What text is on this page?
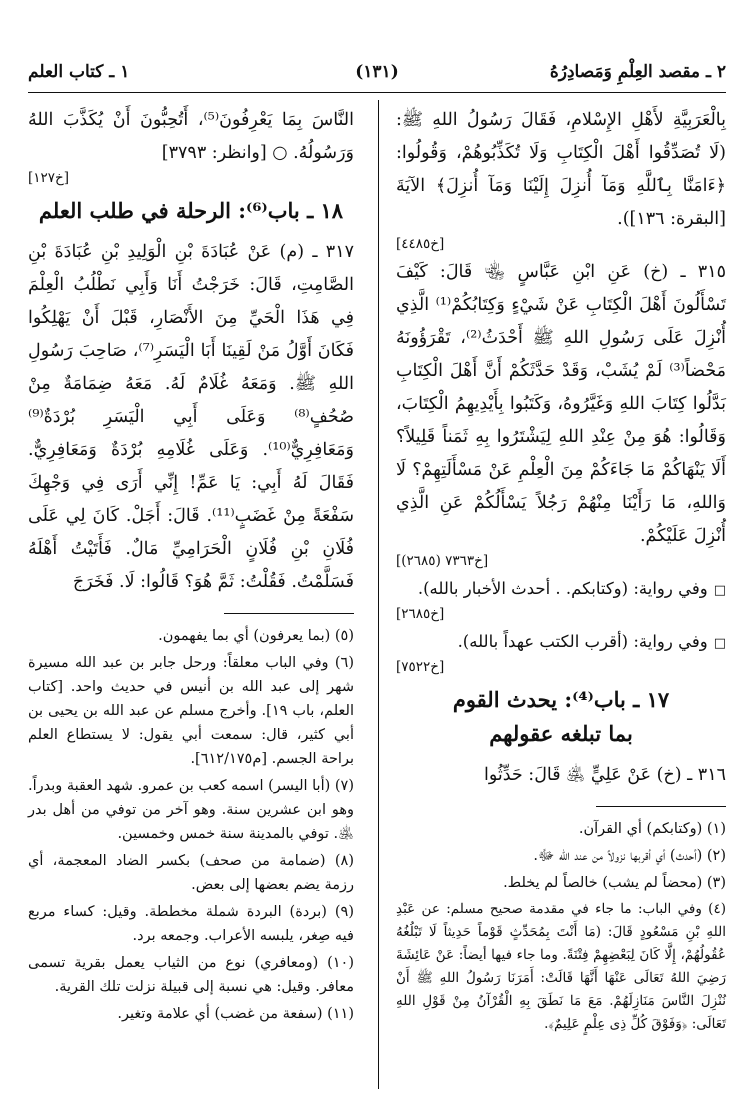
٢ ـ مقصد العِلْمِ وَمَصادِرُهُ
(١٣١)
١ ـ كتاب العلم

بِالْعَرَبِيَّةِ لأَهْلِ الإِسْلامِ، فَقَالَ رَسُولُ اللهِ ﷺ: (لَا تُصَدِّقُوا أَهْلَ الْكِتَابِ وَلَا تُكَذِّبُوهُمْ، وَقُولُوا: ﴿ءَامَنَّا بِٱللَّهِ وَمَآ أُنزِلَ إِلَيْنَا وَمَآ أُنزِلَ﴾ الآيَةَ [البقرة: ١٣٦]).

[خ٤٤٨٥]

٣١٥ ـ (خ) عَنِ ابْنِ عَبَّاسٍ ﵄ قَالَ: كَيْفَ تَسْأَلُونَ أَهْلَ الْكِتَابِ عَنْ شَيْءٍ وَكِتَابُكُمْ⁽¹⁾ الَّذِي أُنْزِلَ عَلَى رَسُولِ اللهِ ﷺ أَحْدَثُ⁽²⁾، تَقْرَؤُونَهُ مَحْضاً⁽³⁾ لَمْ يُشَبْ، وَقَدْ حَدَّثَكُمْ أَنَّ أَهْلَ الْكِتَابِ بَدَّلُوا كِتَابَ اللهِ وَغَيَّرُوهُ، وَكَتَبُوا بِأَيْدِيهِمُ الْكِتَابَ، وَقَالُوا: هُوَ مِنْ عِنْدِ اللهِ لِيَشْتَرُوا بِهِ ثَمَناً قَلِيلاً؟ أَلَا يَنْهَاكُمْ مَا جَاءَكُمْ مِنَ الْعِلْمِ عَنْ مَسْأَلَتِهِمْ؟ لَا وَاللهِ، مَا رَأَيْنَا مِنْهُمْ رَجُلاً يَسْأَلُكُمْ عَنِ الَّذِي أُنْزِلَ عَلَيْكُمْ.

[خ٧٣٦٣ (٢٦٨٥)]

□وفي رواية: (وكتابكم. . أحدث الأخبار بالله).

[خ٢٦٨٥]

□وفي رواية: (أقرب الكتب عهداً بالله).

[خ٧٥٢٢]

١٧ ـ باب⁽⁴⁾: يحدث القوم
بما تبلغه عقولهم

٣١٦ ـ (خ) عَنْ عَلِيٍّ ﵁ قَالَ: حَدِّثُوا

(١) (وكتابكم) أي القرآن.

(٢) (أحدث) أي أقربها نزولاً من عند الله ﷻ.

(٣) (محضاً لم يشب) خالصاً لم يخلط.

(٤) وفي الباب: ما جاء في مقدمة صحيح مسلم: عن عَبْدِ اللهِ بْنِ مَسْعُودٍ قَالَ: (مَا أَنْتَ بِمُحَدِّثٍ قَوْماً حَدِيثاً لَا تَبْلُغُهُ عُقُولُهُمْ، إِلَّا كَانَ لِبَعْضِهِمْ فِتْنَةً. وما جاء فيها أيضاً: عَنْ عَائِشَةَ رَضِيَ اللهُ تَعَالَى عَنْهَا أَنَّهَا قَالَتْ: أَمَرَنَا رَسُولُ اللهِ ﷺ أَنْ نُنْزِلَ النَّاسَ مَنَازِلَهُمْ. مَعَ مَا نَطَقَ بِهِ الْقُرْآنُ مِنْ قَوْلِ اللهِ تَعَالَى: ﴿وَفَوْقَ كُلِّ ذِى عِلْمٍ عَلِيمٌ﴾.

النَّاسَ بِمَا يَعْرِفُونَ⁽⁵⁾، أَتُحِبُّونَ أَنْ يُكَذَّبَ اللهُ وَرَسُولُهُ. ○ [وانظر: ٣٧٩٣]

[خ١٢٧]

١٨ ـ باب⁽⁶⁾: الرحلة في طلب العلم

٣١٧ ـ (م) عَنْ عُبَادَةَ بْنِ الْوَلِيدِ بْنِ عُبَادَةَ بْنِ الصَّامِتِ، قَالَ: خَرَجْتُ أَنَا وَأَبِي نَطْلُبُ الْعِلْمَ فِي هَذَا الْحَيِّ مِنَ الأَنْصَارِ، قَبْلَ أَنْ يَهْلِكُوا فَكَانَ أَوَّلُ مَنْ لَقِينَا أَبَا الْيَسَرِ⁽⁷⁾، صَاحِبَ رَسُولِ اللهِ ﷺ. وَمَعَهُ غُلَامٌ لَهُ. مَعَهُ ضِمَامَةٌ مِنْ صُحُفٍ⁽⁸⁾ وَعَلَى أَبِي الْيَسَرِ بُرْدَةٌ⁽⁹⁾ وَمَعَافِرِيٌّ⁽¹⁰⁾. وَعَلَى غُلَامِهِ بُرْدَةٌ وَمَعَافِرِيٌّ. فَقَالَ لَهُ أَبِي: يَا عَمِّ! إِنِّي أَرَى فِي وَجْهِكَ سَفْعَةً مِنْ غَضَبٍ⁽¹¹⁾. قَالَ: أَجَلْ. كَانَ لِي عَلَى فُلَانِ بْنِ فُلَانٍ الْحَرَامِيِّ مَالٌ. فَأَتَيْتُ أَهْلَهُ فَسَلَّمْتُ. فَقُلْتُ: ثَمَّ هُوَ؟ قَالُوا: لَا. فَخَرَجَ

(٥) (بما يعرفون) أي بما يفهمون.

(٦) وفي الباب معلقاً: ورحل جابر بن عبد الله مسيرة شهر إلى عبد الله بن أنيس في حديث واحد. [كتاب العلم، باب ١٩]. وأخرج مسلم عن عبد الله بن يحيى بن أبي كثير، قال: سمعت أبي يقول: لا يستطاع العلم براحة الجسم. [م٦١٢/١٧٥].

(٧) (أبا اليسر) اسمه كعب بن عمرو. شهد العقبة وبدراً. وهو ابن عشرين سنة. وهو آخر من توفي من أهل بدر ﵁. توفي بالمدينة سنة خمس وخمسين.

(٨) (ضمامة من صحف) بكسر الضاد المعجمة، أي رزمة يضم بعضها إلى بعض.

(٩) (بردة) البردة شملة مخططة. وقيل: كساء مربع فيه صِغر، يلبسه الأعراب. وجمعه برد.

(١٠) (ومعافري) نوع من الثياب يعمل بقرية تسمى معافر. وقيل: هي نسبة إلى قبيلة نزلت تلك القرية.

(١١) (سفعة من غضب) أي علامة وتغير.
